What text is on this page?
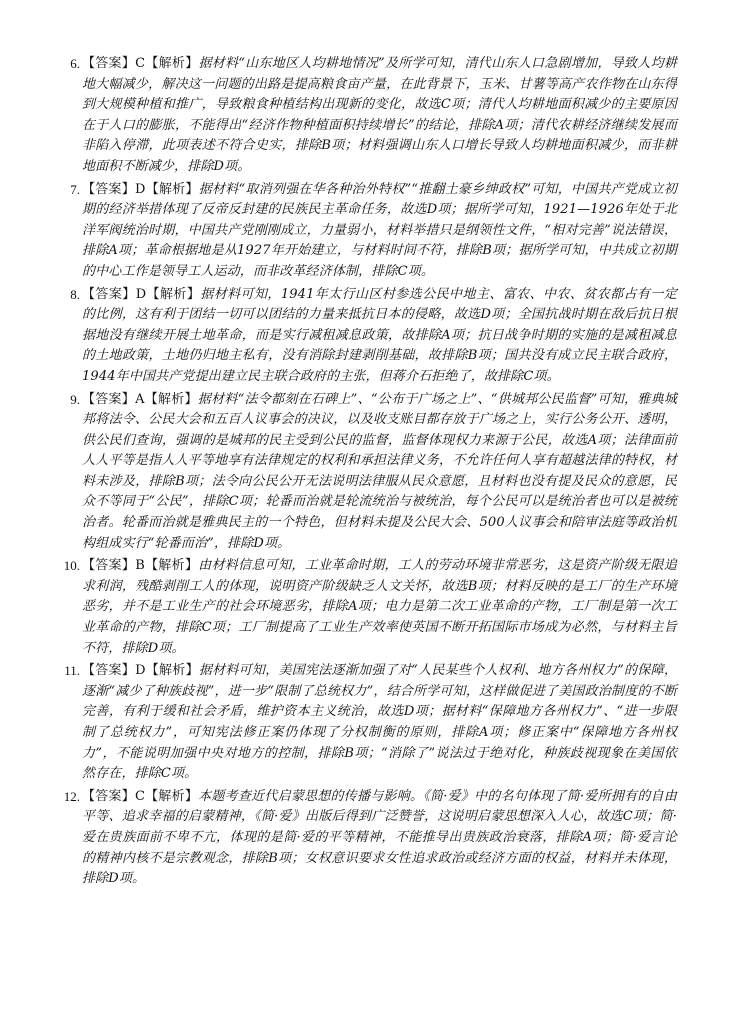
6. 【答案】C【解析】据材料“山东地区人均耕地情况”及所学可知，清代山东人口急剧增加，导致人均耕地大幅减少，解决这一问题的出路是提高粮食亩产量，在此背景下，玉米、甘薯等高产农作物在山东得到大规模种植和推广，导致粮食种植结构出现新的变化，故选C项；清代人均耕地面积减少的主要原因在于人口的膨胀，不能得出“经济作物种植面积持续增长”的结论，排除A项；清代农耕经济继续发展而非陷入停滞，此项表述不符合史实，排除B项；材料强调山东人口增长导致人均耕地面积减少，而非耕地面积不断减少，排除D项。
7. 【答案】D【解析】据材料“取消列强在华各种治外特权”“推翻土豪乡绅政权”可知，中国共产党成立初期的经济举措体现了反帝反封建的民族民主革命任务，故选D项；据所学可知，1921—1926年处于北洋军阀统治时期，中国共产党刚刚成立，力量弱小，材料举措只是纲领性文件，“相对完善”说法错误，排除A项；革命根据地是从1927年开始建立，与材料时间不符，排除B项；据所学可知，中共成立初期的中心工作是领导工人运动，而非改革经济体制，排除C项。
8. 【答案】D【解析】据材料可知，1941年太行山区村参选公民中地主、富农、中农、贫农都占有一定的比例，这有利于团结一切可以团结的力量来抵抗日本的侵略，故选D项；全国抗战时期在敌后抗日根据地没有继续开展土地革命，而是实行减租减息政策，故排除A项；抗日战争时期的实施的是减租减息的土地政策，土地仍归地主私有，没有消除封建剥削基础，故排除B项；国共没有成立民主联合政府，1944年中国共产党提出建立民主联合政府的主张，但蒋介石拒绝了，故排除C项。
9. 【答案】A【解析】据材料“法令都刻在石碑上”、“公布于广场之上”、“供城邦公民监督”可知，雅典城邦将法令、公民大会和五百人议事会的决议，以及收支账目都存放于广场之上，实行公务公开、透明，供公民们查询，强调的是城邦的民主受到公民的监督，监督体现权力来源于公民，故选A项；法律面前人人平等是指人人平等地享有法律规定的权利和承担法律义务，不允许任何人享有超越法律的特权，材料未涉及，排除B项；法令向公民公开无法说明法律服从民众意愿，且材料也没有提及民众的意愿，民众不等同于“公民”，排除C项；轮番而治就是轮流统治与被统治，每个公民可以是统治者也可以是被统治者。轮番而治就是雅典民主的一个特色，但材料未提及公民大会、500人议事会和陪审法庭等政治机构组成实行“轮番而治”，排除D项。
10. 【答案】B【解析】由材料信息可知，工业革命时期，工人的劳动环境非常恶劣，这是资产阶级无限追求利润，残酷剥削工人的体现，说明资产阶级缺乏人文关怀，故选B项；材料反映的是工厂的生产环境恶劣，并不是工业生产的社会环境恶劣，排除A项；电力是第二次工业革命的产物，工厂制是第一次工业革命的产物，排除C项；工厂制提高了工业生产效率使英国不断开拓国际市场成为必然，与材料主旨不符，排除D项。
11. 【答案】D【解析】据材料可知，美国宪法逐渐加强了对“人民某些个人权利、地方各州权力”的保障，逐渐“减少了种族歧视”，进一步“限制了总统权力”，结合所学可知，这样做促进了美国政治制度的不断完善，有利于缓和社会矛盾，维护资本主义统治，故选D项；据材料“保障地方各州权力”、“进一步限制了总统权力”，可知宪法修正案仍体现了分权制衡的原则，排除A项；修正案中“保障地方各州权力”，不能说明加强中央对地方的控制，排除B项；“消除了”说法过于绝对化，种族歧视现象在美国依然存在，排除C项。
12. 【答案】C【解析】本题考查近代启蒙思想的传播与影响。《简·爱》中的名句体现了简·爱所拥有的自由平等、追求幸福的启蒙精神，《简·爱》出版后得到广泛赞誉，这说明启蒙思想深入人心，故选C项；简·爱在贵族面前不卑不亢，体现的是简·爱的平等精神，不能推导出贵族政治衰落，排除A项；简·爱言论的精神内核不是宗教观念，排除B项；女权意识要求女性追求政治或经济方面的权益，材料并未体现，排除D项。
